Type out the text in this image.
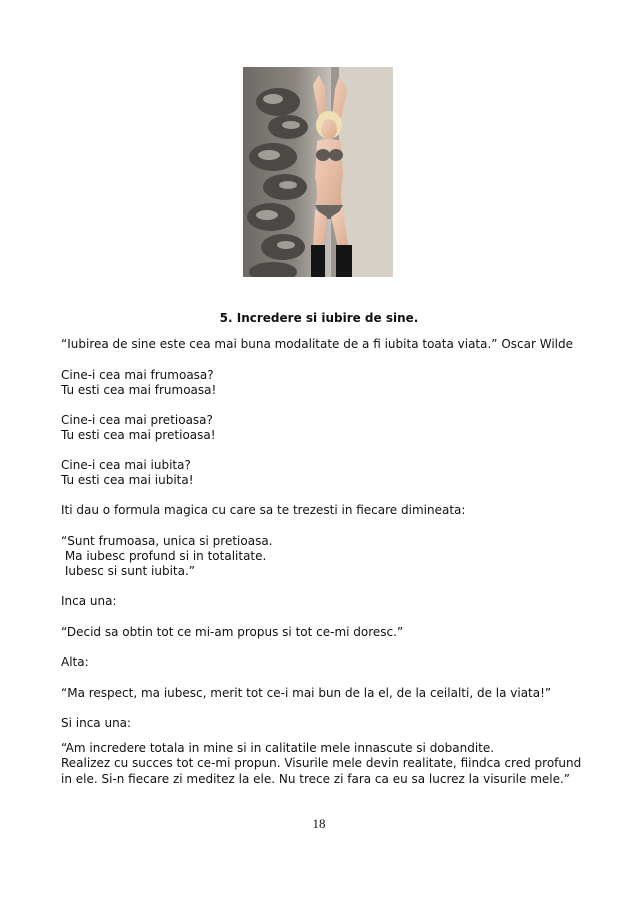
5. Incredere si iubire de sine.
“Iubirea de sine este cea mai buna modalitate de a fi iubita toata viata.” Oscar Wilde
Cine-i cea mai frumoasa?
Tu esti cea mai frumoasa!
Cine-i cea mai pretioasa?
Tu esti cea mai pretioasa!
Cine-i cea mai iubita?
Tu esti cea mai iubita!
Iti dau o formula magica cu care sa te trezesti in fiecare dimineata:
“Sunt frumoasa, unica si pretioasa.
Ma iubesc profund si in totalitate.
Iubesc si sunt iubita.”
Inca una:
“Decid sa obtin tot ce mi-am propus si tot ce-mi doresc.”
Alta:
“Ma respect, ma iubesc, merit tot ce-i mai bun de la el, de la ceilalti, de la viata!”
Si inca una:
“Am incredere totala in mine si in calitatile mele innascute si dobandite.
Realizez cu succes tot ce-mi propun. Visurile mele devin realitate, fiindca cred profund
in ele. Si-n fiecare zi meditez la ele. Nu trece zi fara ca eu sa lucrez la visurile mele.”
18
